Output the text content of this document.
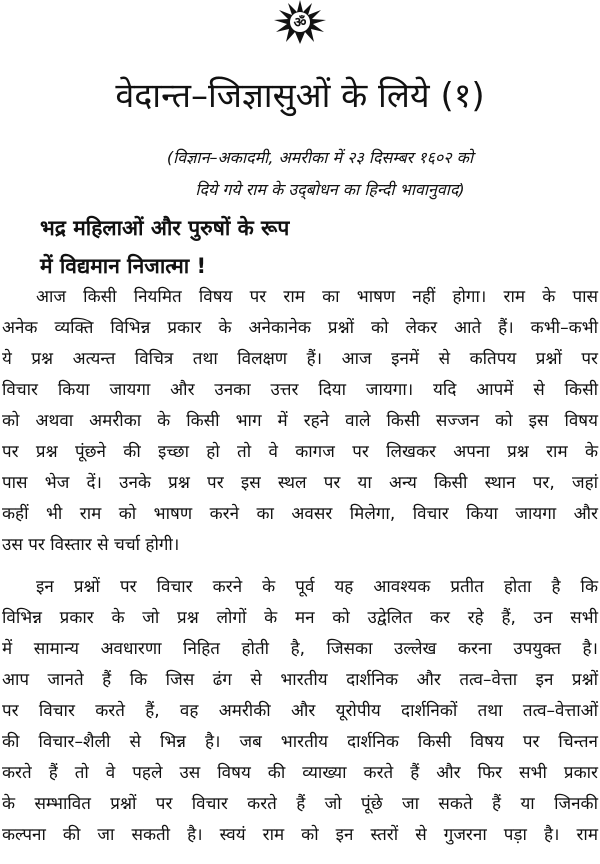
ॐ
वेदान्त–जिज्ञासुओं के लिये (१)

(विज्ञान–अकादमी, अमरीका में २३ दिसम्बर १६०२ को

दिये गये राम के उद्‌बोधन का हिन्दी भावानुवाद)

भद्र महिलाओं और पुरुषों के रूप

में विद्यमान निजात्मा !

आज किसी नियमित विषय पर राम का भाषण नहीं होगा। राम के पास
अनेक व्यक्ति विभिन्न प्रकार के अनेकानेक प्रश्नों को लेकर आते हैं। कभी–कभी
ये प्रश्न अत्यन्त विचित्र तथा विलक्षण हैं। आज इनमें से कतिपय प्रश्नों पर
विचार किया जायगा और उनका उत्तर दिया जायगा। यदि आपमें से किसी
को अथवा अमरीका के किसी भाग में रहने वाले किसी सज्जन को इस विषय
पर प्रश्न पूंछने की इच्छा हो तो वे कागज पर लिखकर अपना प्रश्न राम के
पास भेज दें। उनके प्रश्न पर इस स्थल पर या अन्य किसी स्थान पर, जहां
कहीं भी राम को भाषण करने का अवसर मिलेगा, विचार किया जायगा और
उस पर विस्तार से चर्चा होगी।
इन प्रश्नों पर विचार करने के पूर्व यह आवश्यक प्रतीत होता है कि
विभिन्न प्रकार के जो प्रश्न लोगों के मन को उद्वेलित कर रहे हैं, उन सभी
में सामान्य अवधारणा निहित होती है, जिसका उल्लेख करना उपयुक्त है।
आप जानते हैं कि जिस ढंग से भारतीय दार्शनिक और तत्व–वेत्ता इन प्रश्नों
पर विचार करते हैं, वह अमरीकी और यूरोपीय दार्शनिकों तथा तत्व–वेत्ताओं
की विचार–शैली से भिन्न है। जब भारतीय दार्शनिक किसी विषय पर चिन्तन
करते हैं तो वे पहले उस विषय की व्याख्या करते हैं और फिर सभी प्रकार
के सम्भावित प्रश्नों पर विचार करते हैं जो पूंछे जा सकते हैं या जिनकी
कल्पना की जा सकती है। स्वयं राम को इन स्तरों से गुजरना पड़ा है। राम
